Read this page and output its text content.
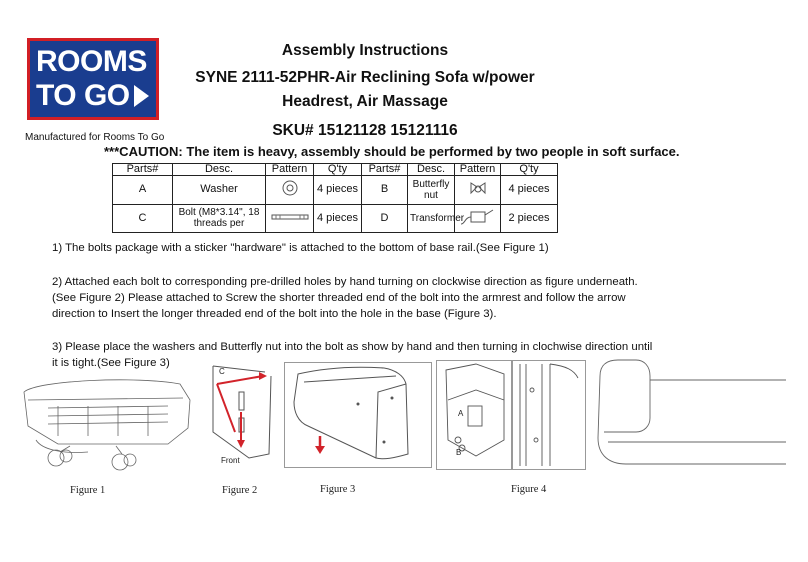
ROOMS
TO GO
Assembly Instructions
SYNE 2111-52PHR-Air Reclining Sofa w/power
Headrest, Air Massage
SKU# 15121128 15121116
Manufactured for Rooms To Go
***CAUTION: The item is heavy, assembly should be performed by two people in soft surface.
Parts#	Desc.	Pattern	Q'ty	Parts#	Desc.	Pattern	Q'ty
A	Washer		4 pieces	B	Butterfly nut		4 pieces
C	Bolt (M8*3.14", 18 threads per		4 pieces	D	Transformer		2 pieces
1) The bolts package with a sticker "hardware" is attached to the bottom of base rail.(See Figure 1)
2) Attached each bolt to corresponding pre-drilled holes by hand turning on clockwise direction as figure underneath.
(See Figure 2) Please attached to Screw the shorter threaded end of the bolt into the armrest and follow the arrow
direction to Insert the longer threaded end of the bolt into the hole in the base (Figure 3).
3) Please place the washers and Butterfly nut into the bolt as show by hand and then turning in clochwise direction until
it is tight.(See Figure 3)
C
Front
A
B
Figure 1	Figure 2	Figure 3	Figure 4
